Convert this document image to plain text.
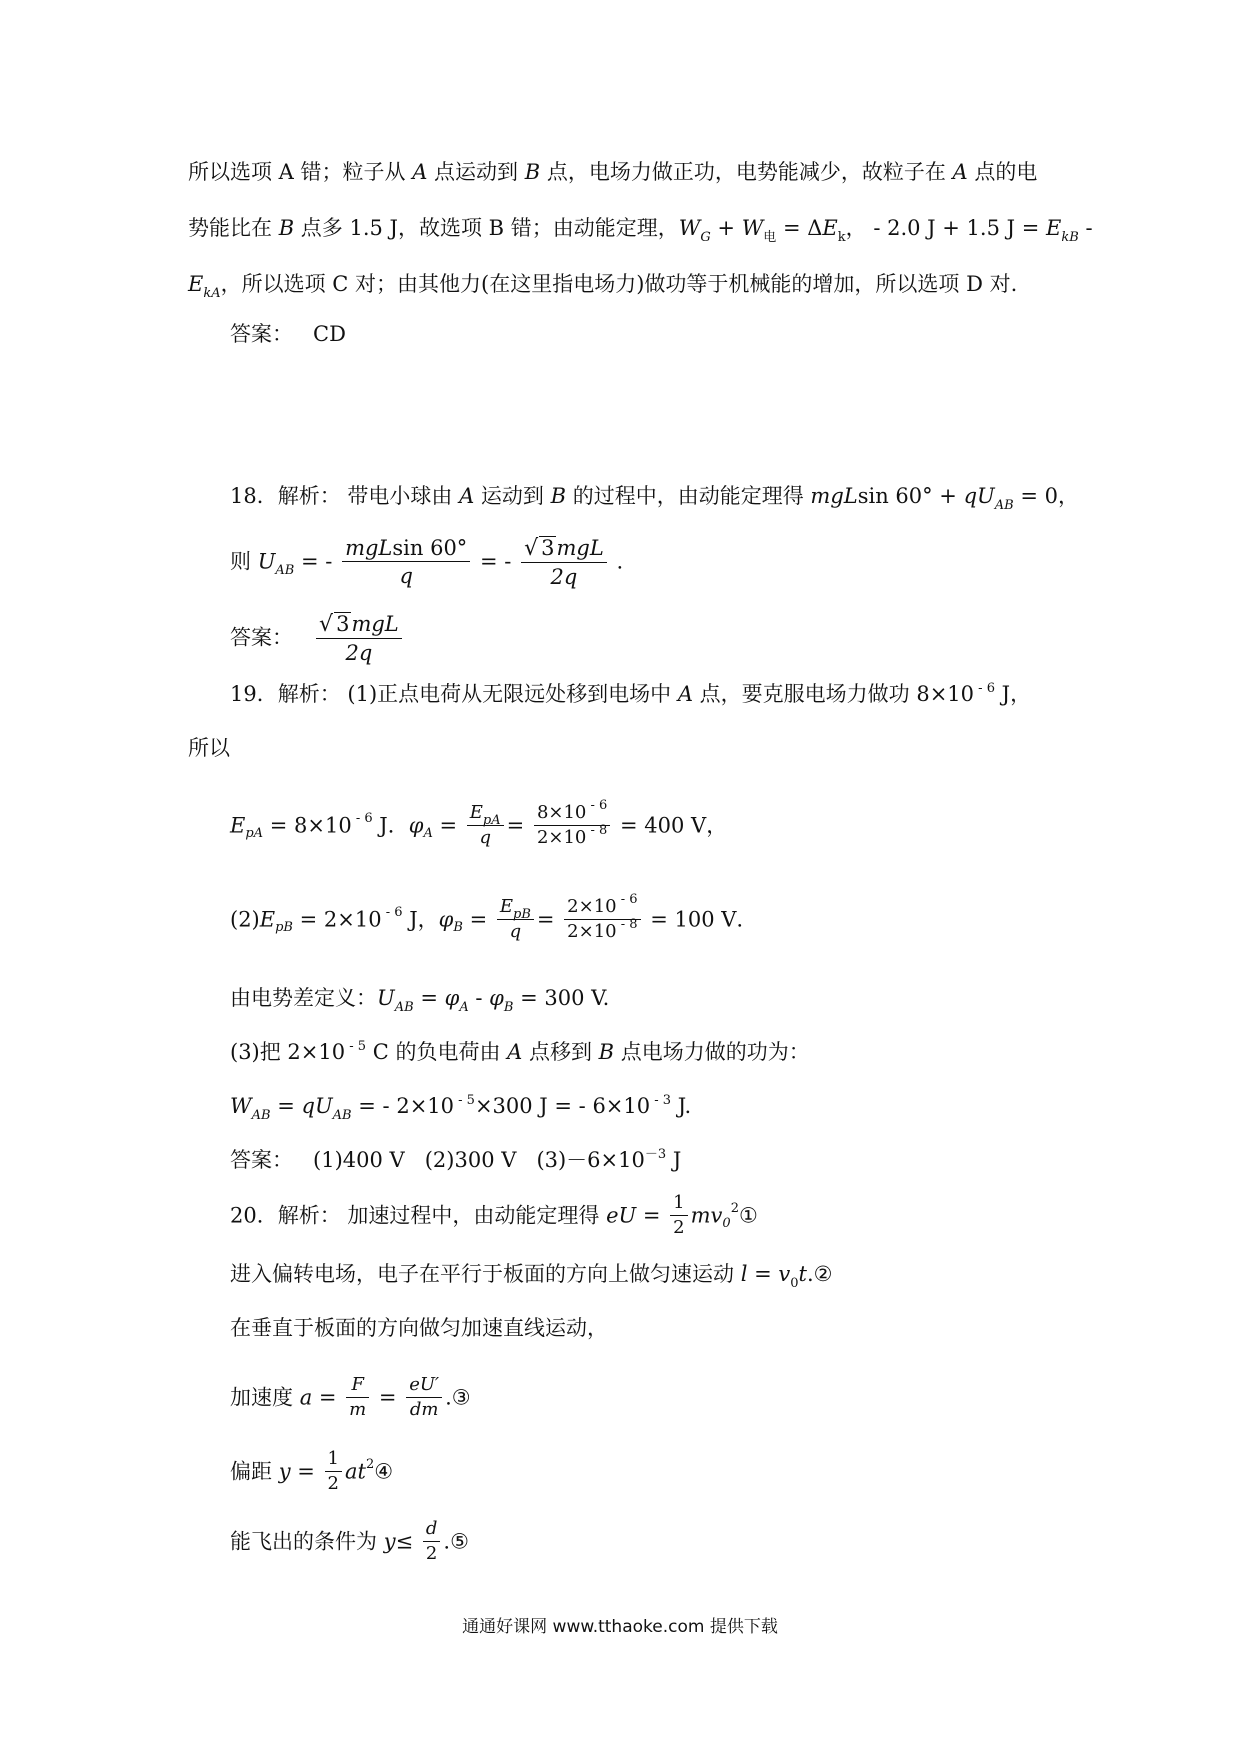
所以选项 A 错；粒子从 A 点运动到 B 点，电场力做正功，电势能减少，故粒子在 A 点的电
势能比在 B 点多 1.5 J，故选项 B 错；由动能定理，$W_G + W_电 = \Delta E_k$， - 2.0 J + 1.5 $J = E_{kB}$ -
$E_{kA}$，所以选项 C 对；由其他力(在这里指电场力)做功等于机械能的增加，所以选项 D 对.
答案： CD
18．解析： 带电小球由 A 运动到 B 的过程中，由动能定理得 mgLsin $60^\circ + qU_{AB} = 0$，
则 $U_{AB}$ = - $\frac{\text{mgLsin 60°}}{q}$ = - $\frac{\text{√ 3mgL}}{2q}$ .
答案： $\frac{\text{√ 3mgL}}{2q}$
19．解析： (1)正点电荷从无限远处移到电场中 A 点，要克服电场力做功 8×10 $^{- 6}$ J，
所以
$E_{pA} = 8\times 10$ $^{- 6}$ J．$\varphi_A = \frac{E_{pA}}{q} = \frac{8\times 10 ^{- 6}}{2\times 10 ^{- 8}} = 400$ V，
$(2)E_{pB} = 2\times 10$ $^{- 6}$ J，$\varphi_B = \frac{E_{pB}}{q} = \frac{2\times 10 ^{- 6}}{2\times 10 ^{- 8}} = 100$ V．
由电势差定义：$U_{AB} = \varphi_A - \varphi_B = 300$ V.
(3)把 2×10 $^{- 5}$ C 的负电荷由 A 点移到 B 点电场力做的功为：
$W_{AB} = qU_{AB}$ = - 2×10 $^{- 5}$×300 J = - 6×10 $^{- 3}$ J.
答案： (1)400 V (2)300 V $(3)-6\times 10^{-3}$ J
20．解析： 加速过程中，由动能定理得 eU = $\frac{1}{2}$ $mv_0^2①$
进入偏转电场，电子在平行于板面的方向上做匀速运动 $l = v_0t.②$
在垂直于板面的方向做匀加速直线运动，
加速度 $a = \frac{F}{m} = \frac{eU'}{dm}$ .③
偏距 $y = \frac{1}{2}$ $at^2④$
能飞出的条件为 $y\le \frac{d}{2}$ .⑤
通通好课网 www.tthaoke.com 提供下载
